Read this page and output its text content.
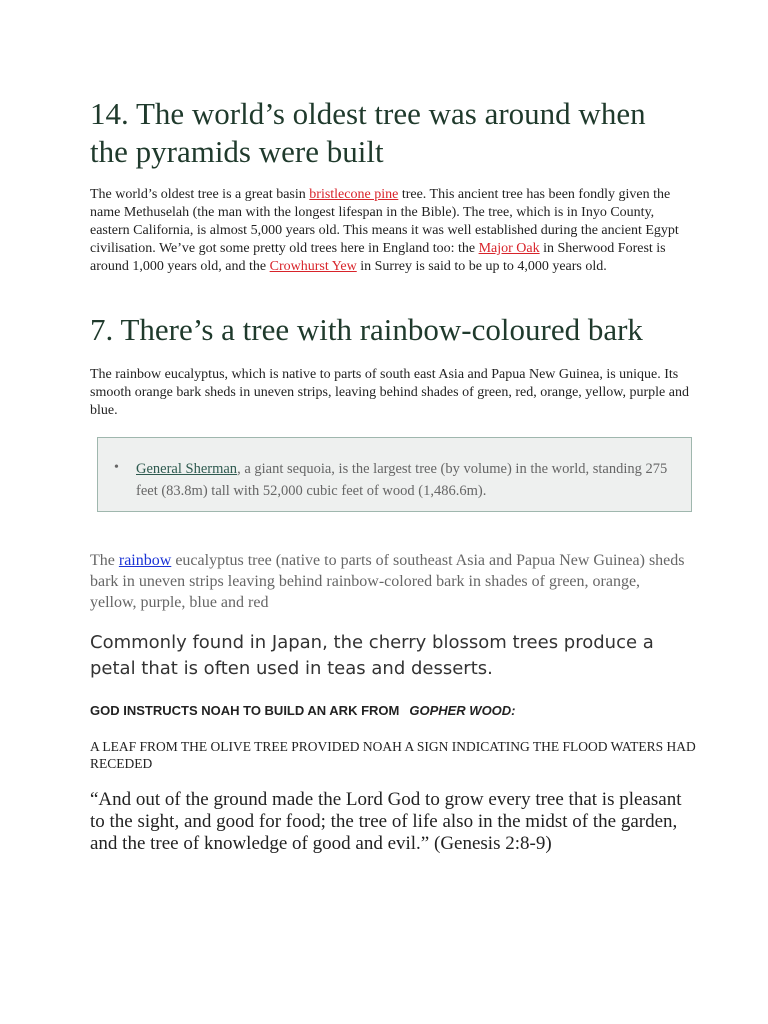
14. The world’s oldest tree was around when the pyramids were built

The world’s oldest tree is a great basin bristlecone pine tree. This ancient tree has been fondly given the name Methuselah (the man with the longest lifespan in the Bible). The tree, which is in Inyo County, eastern California, is almost 5,000 years old. This means it was well established during the ancient Egypt civilisation. We’ve got some pretty old trees here in England too: the Major Oak in Sherwood Forest is around 1,000 years old, and the Crowhurst Yew in Surrey is said to be up to 4,000 years old.

7. There’s a tree with rainbow-coloured bark

The rainbow eucalyptus, which is native to parts of south east Asia and Papua New Guinea, is unique. Its smooth orange bark sheds in uneven strips, leaving behind shades of green, red, orange, yellow, purple and blue.

• General Sherman, a giant sequoia, is the largest tree (by volume) in the world, standing 275 feet (83.8m) tall with 52,000 cubic feet of wood (1,486.6m).

The rainbow eucalyptus tree (native to parts of southeast Asia and Papua New Guinea) sheds bark in uneven strips leaving behind rainbow-colored bark in shades of green, orange, yellow, purple, blue and red

Commonly found in Japan, the cherry blossom trees produce a petal that is often used in teas and desserts.

GOD INSTRUCTS NOAH TO BUILD AN ARK FROM GOPHER WOOD:

A LEAF FROM THE OLIVE TREE PROVIDED NOAH A SIGN INDICATING THE FLOOD WATERS HAD RECEDED

“And out of the ground made the Lord God to grow every tree that is pleasant to the sight, and good for food; the tree of life also in the midst of the garden, and the tree of knowledge of good and evil.” (Genesis 2:8-9)
